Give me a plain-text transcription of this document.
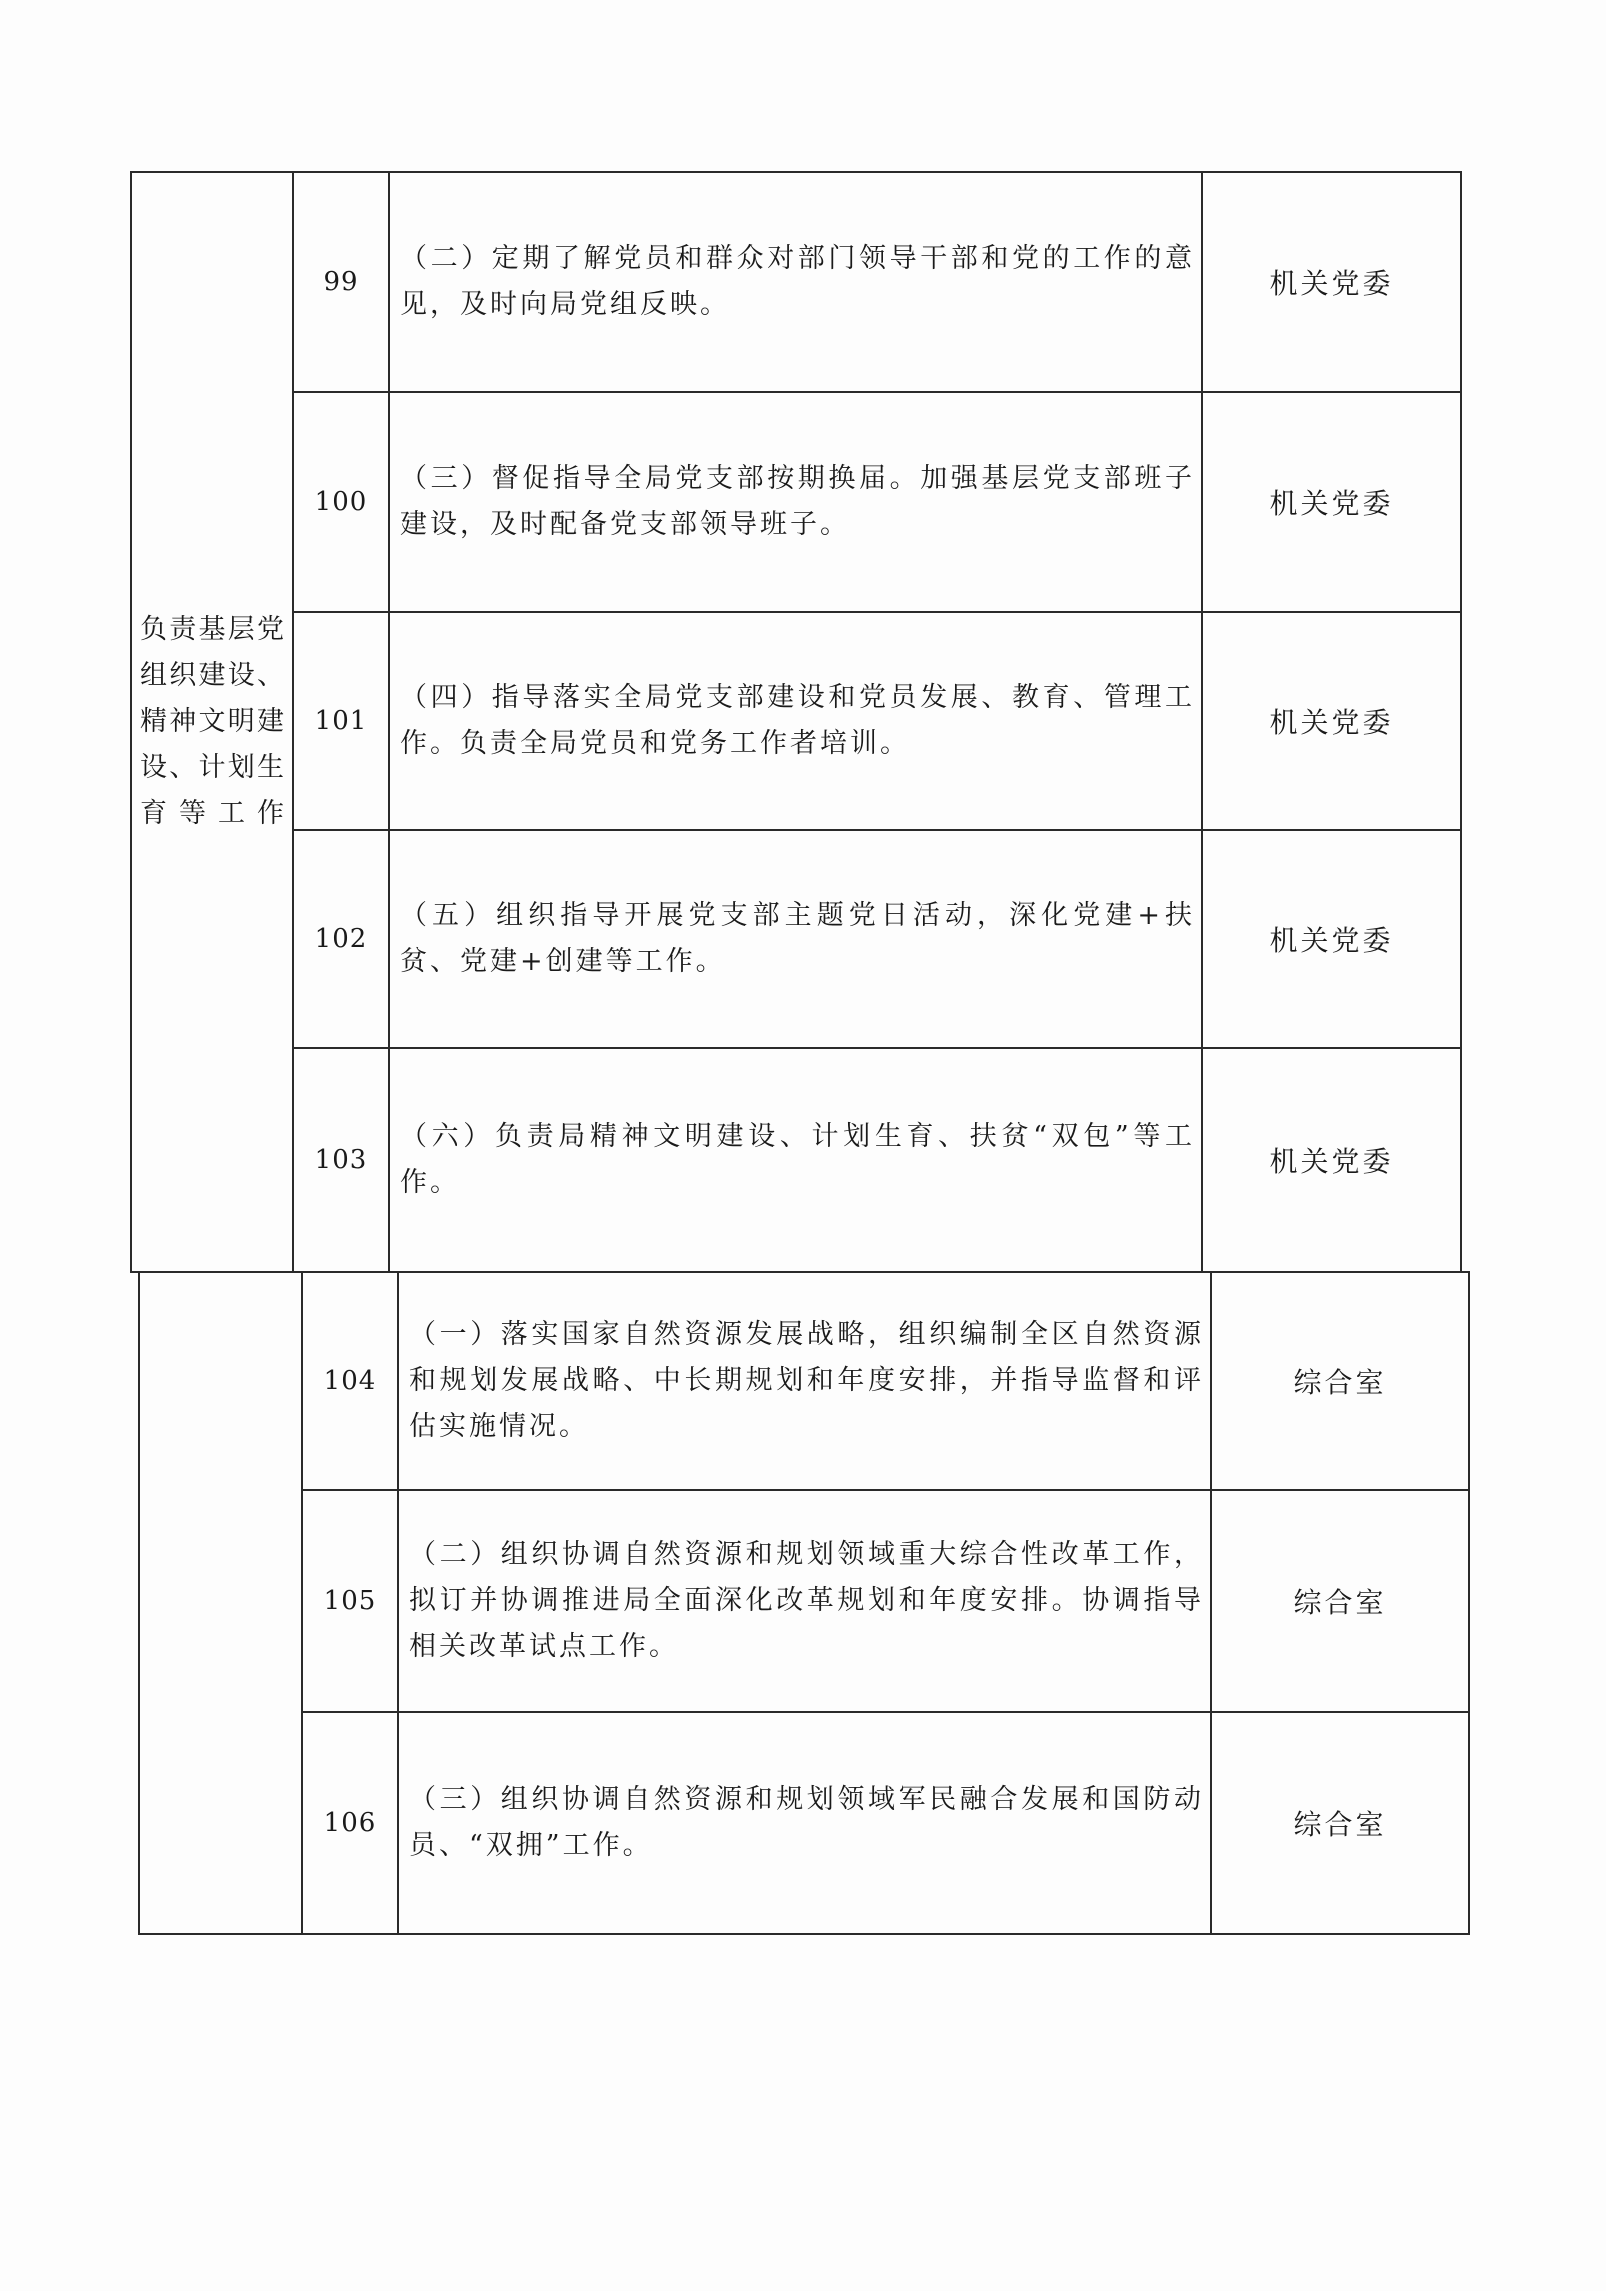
负责基层党组织建设、精神文明建设、计划生育等工作	99	（二）定期了解党员和群众对部门领导干部和党的工作的意见，及时向局党组反映。	机关党委
	100	（三）督促指导全局党支部按期换届。加强基层党支部班子建设，及时配备党支部领导班子。	机关党委
	101	（四）指导落实全局党支部建设和党员发展、教育、管理工作。负责全局党员和党务工作者培训。	机关党委
	102	（五）组织指导开展党支部主题党日活动，深化党建+扶贫、党建+创建等工作。	机关党委
	103	（六）负责局精神文明建设、计划生育、扶贫“双包”等工作。	机关党委
	104	（一）落实国家自然资源发展战略，组织编制全区自然资源和规划发展战略、中长期规划和年度安排，并指导监督和评估实施情况。	综合室
	105	（二）组织协调自然资源和规划领域重大综合性改革工作，拟订并协调推进局全面深化改革规划和年度安排。协调指导相关改革试点工作。	综合室
	106	（三）组织协调自然资源和规划领域军民融合发展和国防动员、“双拥”工作。	综合室
